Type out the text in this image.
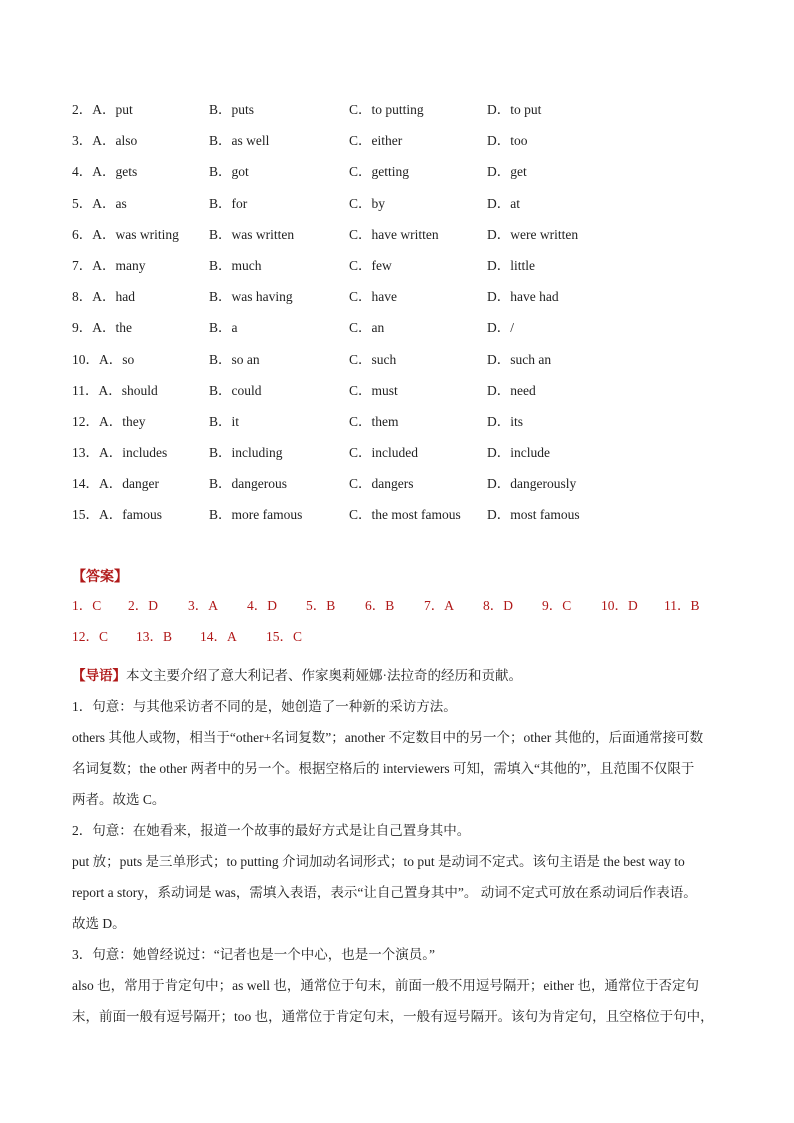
2．A．put	B．puts	C．to putting	D．to put
3．A．also	B．as well	C．either	D．too
4．A．gets	B．got	C．getting	D．get
5．A．as	B．for	C．by	D．at
6．A．was writing B．was written	C．have written	D．were written
7．A．many	B．much	C．few	D．little
8．A．had	B．was having	C．have	D．have had
9．A．the	B．a	C．an	D．/
10．A．so	B．so an	C．such	D．such an
11．A．should	B．could	C．must	D．need
12．A．they	B．it	C．them	D．its
13．A．includes	B．including	C．included	D．include
14．A．danger	B．dangerous	C．dangers	D．dangerously
15．A．famous	B．more famous	C．the most famous D．most famous
【答案】
1．C 2．D 3．A 4．D 5．B 6．B 7．A 8．D 9．C 10．D 11．B
12．C 13．B 14．A 15．C

【导语】本文主要介绍了意大利记者、作家奥莉娅娜·法拉奇的经历和贡献。

1．句意：与其他采访者不同的是，她创造了一种新的采访方法。

others 其他人或物，相当于“other+名词复数”；another 不定数目中的另一个；other 其他的，后面通常接可数

名词复数；the other 两者中的另一个。根据空格后的 interviewers 可知，需填入“其他的”，且范围不仅限于

两者。故选 C。

2．句意：在她看来，报道一个故事的最好方式是让自己置身其中。

put 放；puts 是三单形式；to putting 介词加动名词形式；to put 是动词不定式。该句主语是 the best way to

report a story，系动词是 was，需填入表语，表示“让自己置身其中”。 动词不定式可放在系动词后作表语。

故选 D。

3．句意：她曾经说过：“记者也是一个中心，也是一个演员。”

also 也，常用于肯定句中；as well 也，通常位于句末，前面一般不用逗号隔开；either 也，通常位于否定句

末，前面一般有逗号隔开；too 也，通常位于肯定句末，一般有逗号隔开。该句为肯定句，且空格位于句中，
